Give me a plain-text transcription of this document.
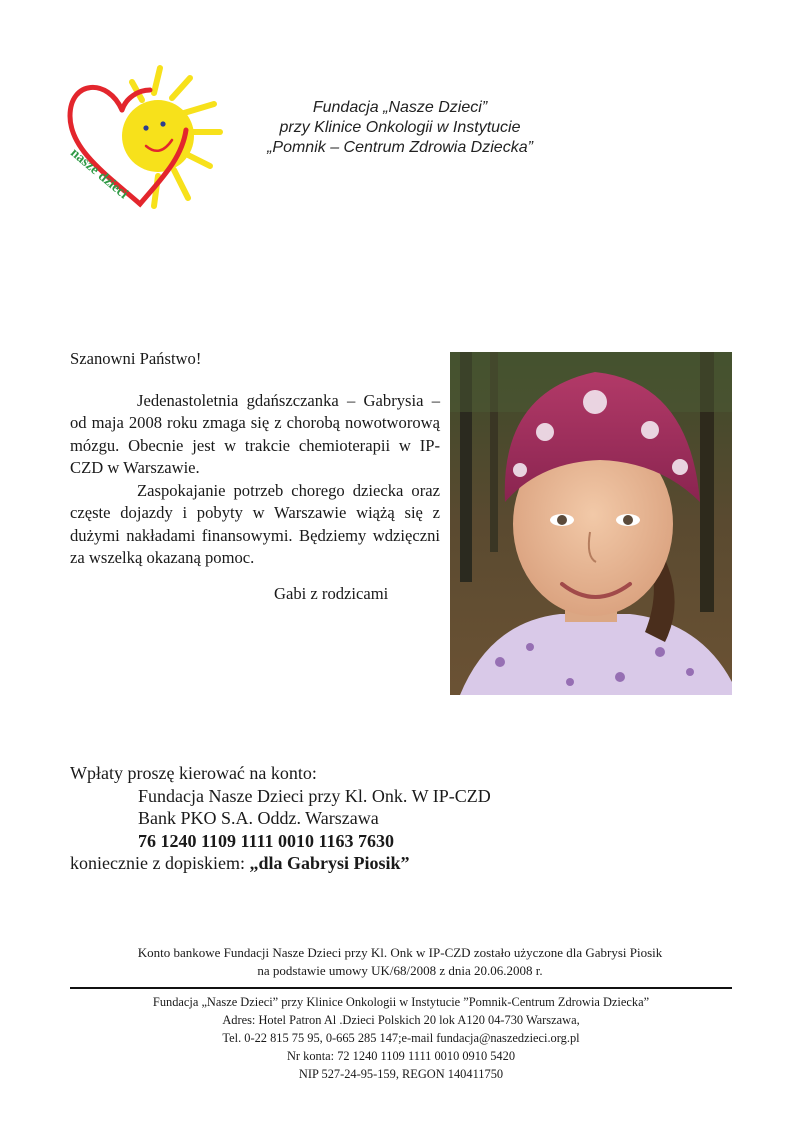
nasze dzieci
Fundacja „Nasze Dzieci”
przy Klinice Onkologii w Instytucie
„Pomnik – Centrum Zdrowia Dziecka”

Szanowni Państwo!

Jedenastoletnia gdańszczanka – Gabrysia – od maja 2008 roku zmaga się z chorobą nowotworową mózgu. Obecnie jest w trakcie chemioterapii w IP-CZD w Warszawie.

Zaspokajanie potrzeb chorego dziecka oraz częste dojazdy i pobyty w Warszawie wiążą się z dużymi nakładami finansowymi. Będziemy wdzięczni za wszelką okazaną pomoc.

Gabi z rodzicami

Wpłaty proszę kierować na konto:
Fundacja Nasze Dzieci przy Kl. Onk. W IP-CZD
Bank PKO S.A. Oddz. Warszawa
76 1240 1109 1111 0010 1163 7630
koniecznie z dopiskiem: „dla Gabrysi Piosik”
Konto bankowe Fundacji Nasze Dzieci przy Kl. Onk w IP-CZD zostało użyczone dla Gabrysi Piosik
na podstawie umowy UK/68/2008 z dnia 20.06.2008 r.
Fundacja „Nasze Dzieci” przy Klinice Onkologii w Instytucie ”Pomnik-Centrum Zdrowia Dziecka”
Adres: Hotel Patron Al .Dzieci Polskich 20 lok A120 04-730 Warszawa,
Tel. 0-22 815 75 95, 0-665 285 147;e-mail fundacja@naszedzieci.org.pl
Nr konta: 72 1240 1109 1111 0010 0910 5420
NIP 527-24-95-159, REGON 140411750
